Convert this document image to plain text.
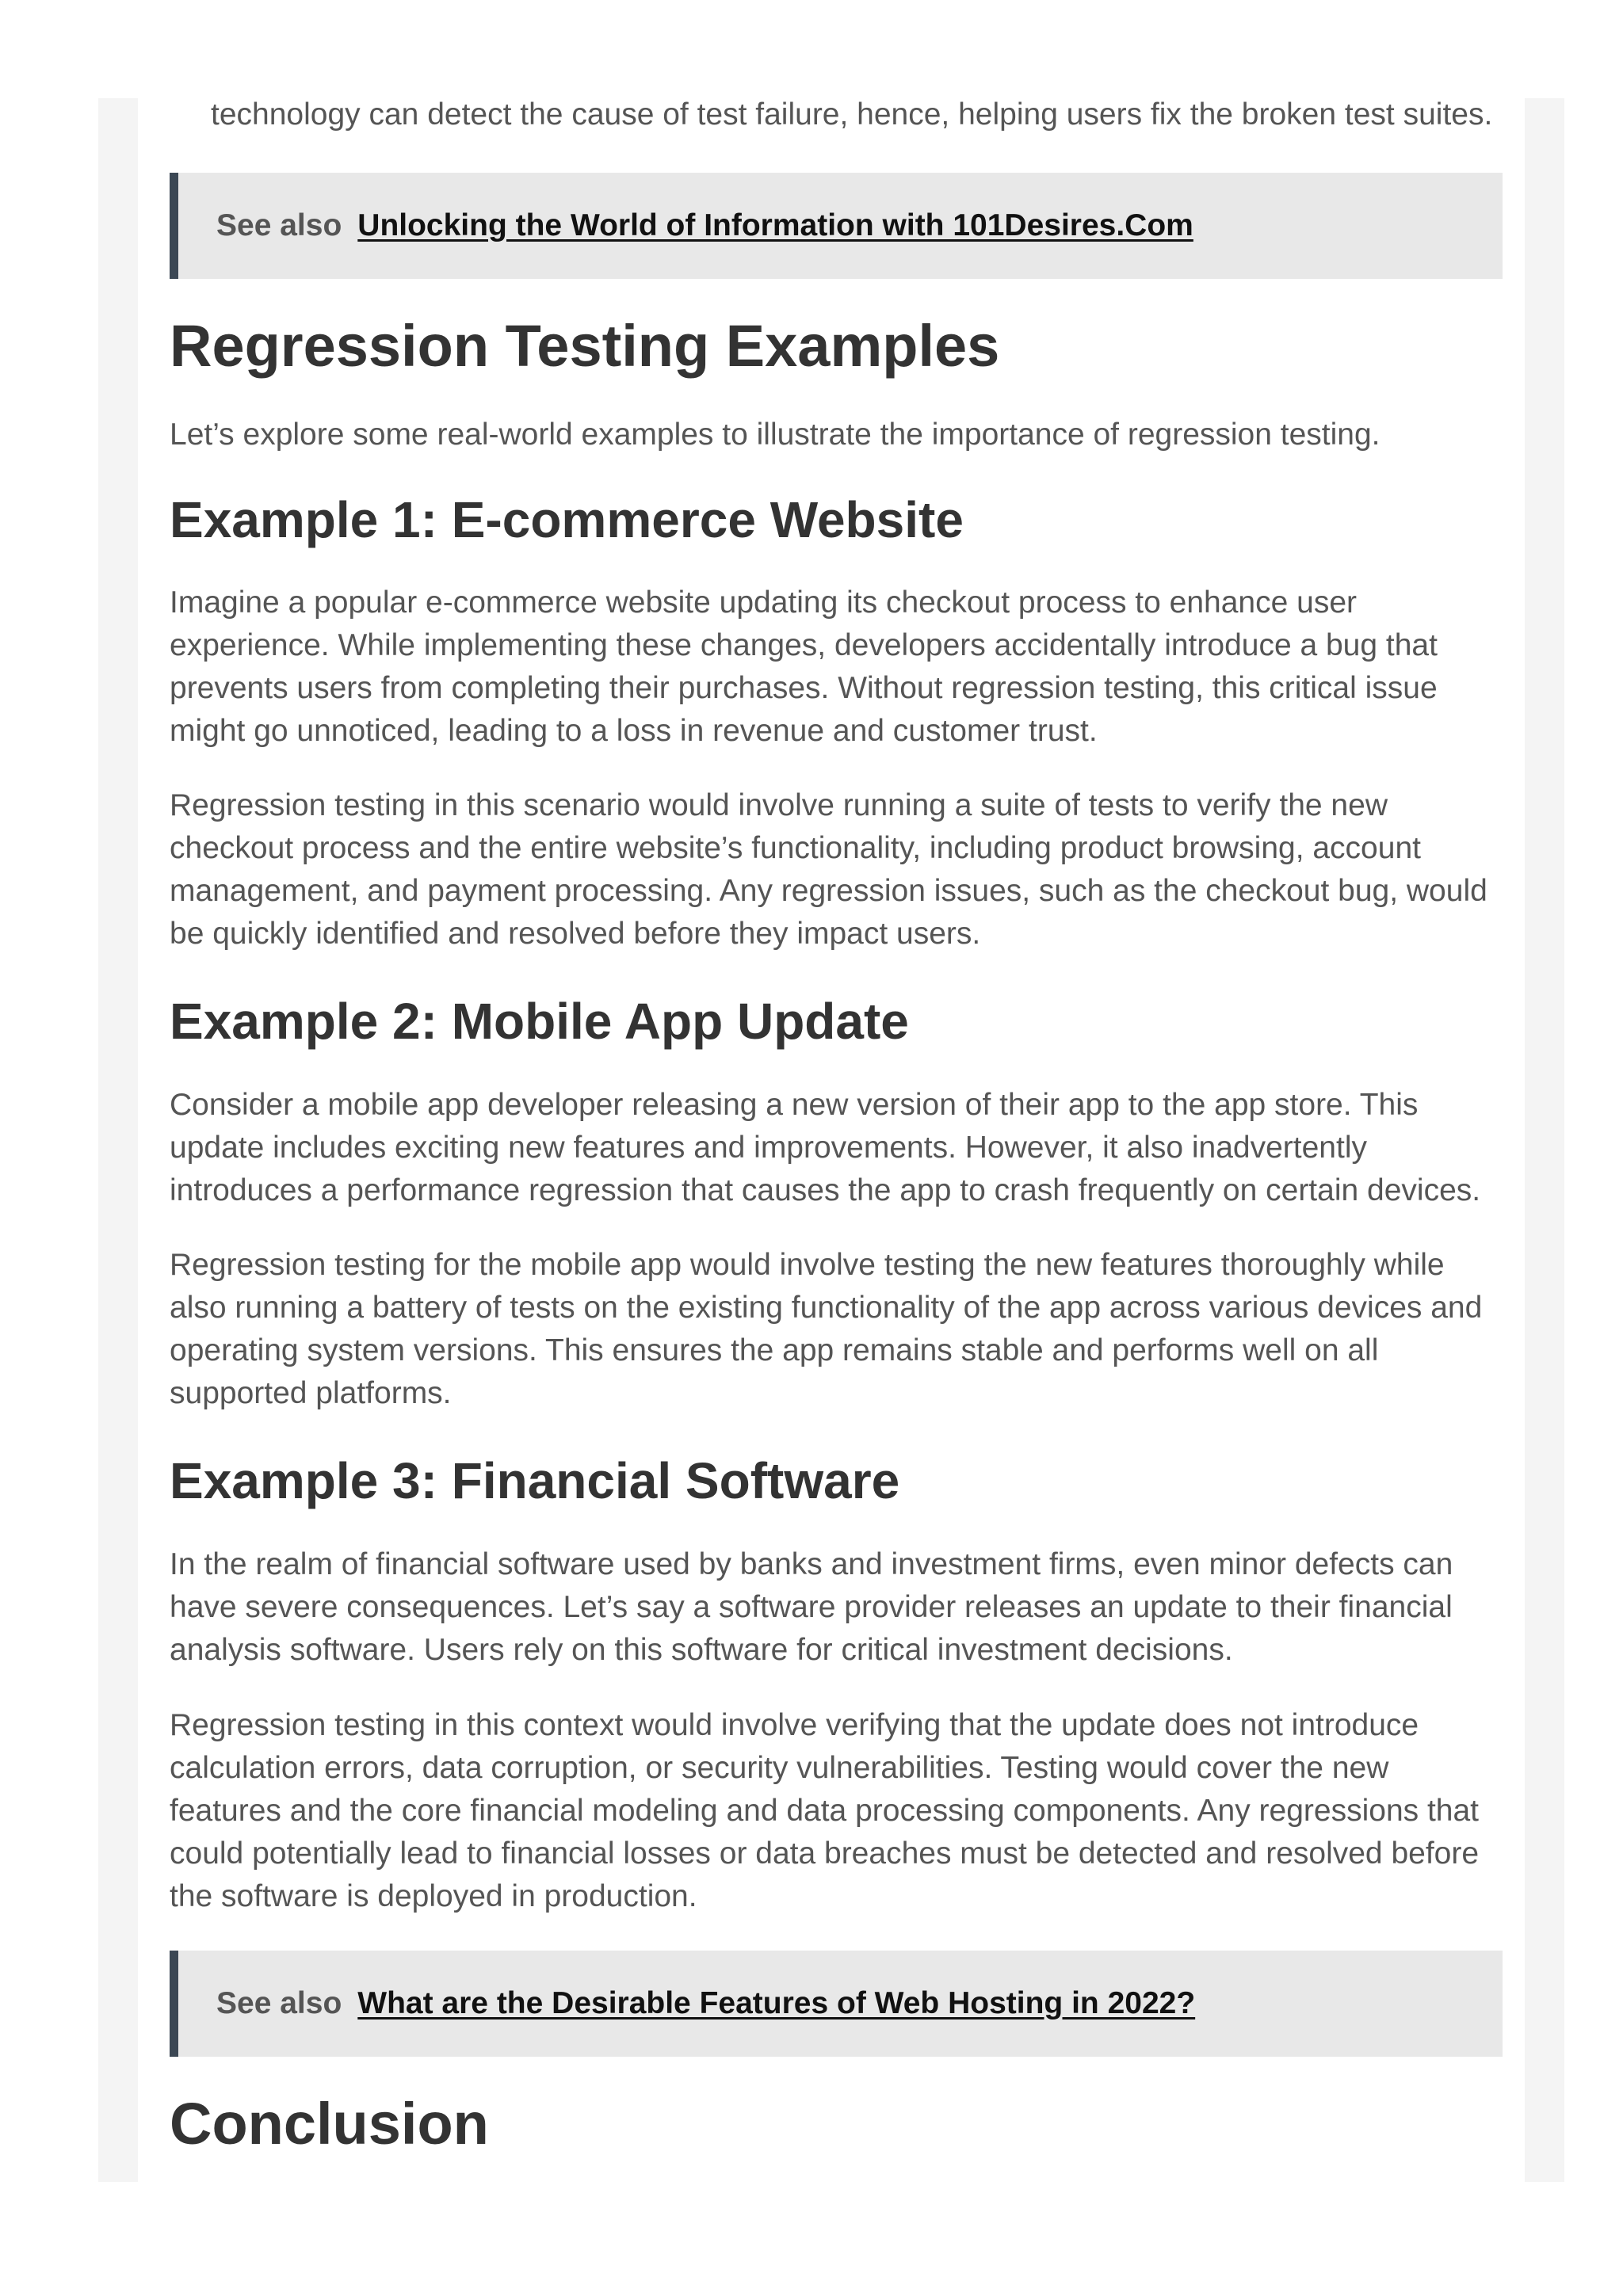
technology can detect the cause of test failure, hence, helping users fix the broken test suites.

See also Unlocking the World of Information with 101Desires.Com
Regression Testing Examples

Let’s explore some real-world examples to illustrate the importance of regression testing.

Example 1: E-commerce Website

Imagine a popular e-commerce website updating its checkout process to enhance user experience. While implementing these changes, developers accidentally introduce a bug that prevents users from completing their purchases. Without regression testing, this critical issue might go unnoticed, leading to a loss in revenue and customer trust.

Regression testing in this scenario would involve running a suite of tests to verify the new checkout process and the entire website’s functionality, including product browsing, account management, and payment processing. Any regression issues, such as the checkout bug, would be quickly identified and resolved before they impact users.

Example 2: Mobile App Update

Consider a mobile app developer releasing a new version of their app to the app store. This update includes exciting new features and improvements. However, it also inadvertently introduces a performance regression that causes the app to crash frequently on certain devices.

Regression testing for the mobile app would involve testing the new features thoroughly while also running a battery of tests on the existing functionality of the app across various devices and operating system versions. This ensures the app remains stable and performs well on all supported platforms.

Example 3: Financial Software

In the realm of financial software used by banks and investment firms, even minor defects can have severe consequences. Let’s say a software provider releases an update to their financial analysis software. Users rely on this software for critical investment decisions.

Regression testing in this context would involve verifying that the update does not introduce calculation errors, data corruption, or security vulnerabilities. Testing would cover the new features and the core financial modeling and data processing components. Any regressions that could potentially lead to financial losses or data breaches must be detected and resolved before the software is deployed in production.

See also What are the Desirable Features of Web Hosting in 2022?
Conclusion
